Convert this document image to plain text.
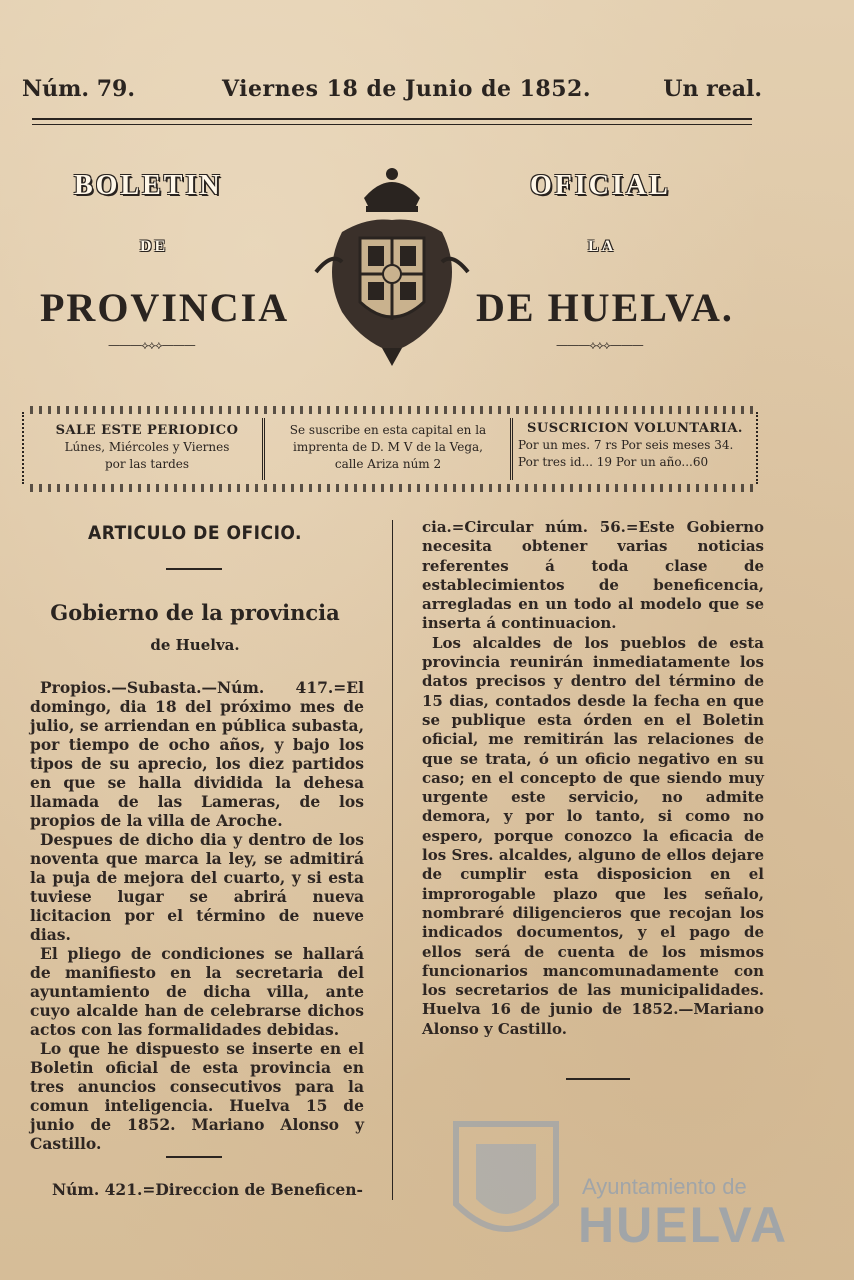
Núm. 79.	Viernes 18 de Junio de 1852.	Un real.
BOLETIN	OFICIAL
DE	LA
PROVINCIA	DE HUELVA.
———⟡⟡⟡———	———⟡⟡⟡———
SALE ESTE PERIODICO
Lúnes, Miércoles y Viernes
por las tardes
Se suscribe en esta capital en la
imprenta de D. M V de la Vega,
calle Ariza núm 2
SUSCRICION VOLUNTARIA.
Por un mes. 7 rs Por seis meses 34.
Por tres id... 19 Por un año...60
ARTICULO DE OFICIO.
Gobierno de la provincia
de Huelva.

Propios.—Subasta.—Núm. 417.=El domingo, dia 18 del próximo mes de julio, se arriendan en pública subasta, por tiempo de ocho años, y bajo los tipos de su aprecio, los diez partidos en que se halla dividida la dehesa llamada de las Lameras, de los propios de la villa de Aroche.

Despues de dicho dia y dentro de los noventa que marca la ley, se admitirá la puja de mejora del cuarto, y si esta tuviese lugar se abrirá nueva licitacion por el término de nueve dias.

El pliego de condiciones se hallará de manifiesto en la secretaria del ayuntamiento de dicha villa, ante cuyo alcalde han de celebrarse dichos actos con las formalidades debidas.

Lo que he dispuesto se inserte en el Boletin oficial de esta provincia en tres anuncios consecutivos para la comun inteligencia. Huelva 15 de junio de 1852. Mariano Alonso y Castillo.

Núm. 421.=Direccion de Beneficen-

cia.=Circular núm. 56.=Este Gobierno necesita obtener varias noticias referentes á toda clase de establecimientos de beneficencia, arregladas en un todo al modelo que se inserta á continuacion.

Los alcaldes de los pueblos de esta provincia reunirán inmediatamente los datos precisos y dentro del término de 15 dias, contados desde la fecha en que se publique esta órden en el Boletin oficial, me remitirán las relaciones de que se trata, ó un oficio negativo en su caso; en el concepto de que siendo muy urgente este servicio, no admite demora, y por lo tanto, si como no espero, porque conozco la eficacia de los Sres. alcaldes, alguno de ellos dejare de cumplir esta disposicion en el improrogable plazo que les señalo, nombraré diligencieros que recojan los indicados documentos, y el pago de ellos será de cuenta de los mismos funcionarios mancomunadamente con los secretarios de las municipalidades. Huelva 16 de junio de 1852.—Mariano Alonso y Castillo.

Ayuntamiento de
HUELVA
